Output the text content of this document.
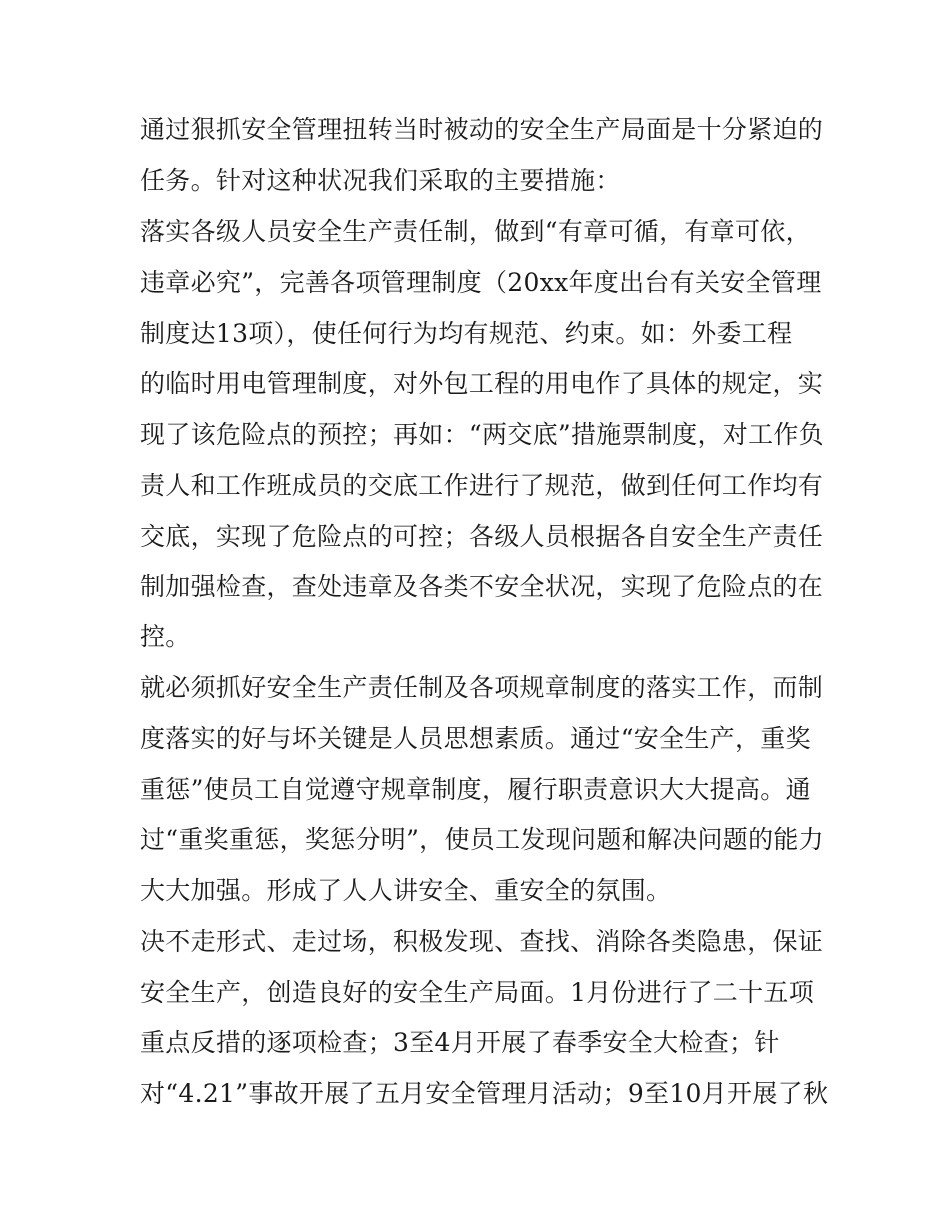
通过狠抓安全管理扭转当时被动的安全生产局面是十分紧迫的
任务。针对这种状况我们采取的主要措施：
落实各级人员安全生产责任制，做到“有章可循，有章可依，
违章必究”，完善各项管理制度（20xx年度出台有关安全管理
制度达13项），使任何行为均有规范、约束。如：外委工程
的临时用电管理制度，对外包工程的用电作了具体的规定，实
现了该危险点的预控；再如：“两交底”措施票制度，对工作负
责人和工作班成员的交底工作进行了规范，做到任何工作均有
交底，实现了危险点的可控；各级人员根据各自安全生产责任
制加强检查，查处违章及各类不安全状况，实现了危险点的在
控。
就必须抓好安全生产责任制及各项规章制度的落实工作，而制
度落实的好与坏关键是人员思想素质。通过“安全生产，重奖
重惩”使员工自觉遵守规章制度，履行职责意识大大提高。通
过“重奖重惩，奖惩分明”，使员工发现问题和解决问题的能力
大大加强。形成了人人讲安全、重安全的氛围。
决不走形式、走过场，积极发现、查找、消除各类隐患，保证
安全生产，创造良好的安全生产局面。1月份进行了二十五项
重点反措的逐项检查；3至4月开展了春季安全大检查；针
对“4.21”事故开展了五月安全管理月活动；9至10月开展了秋
